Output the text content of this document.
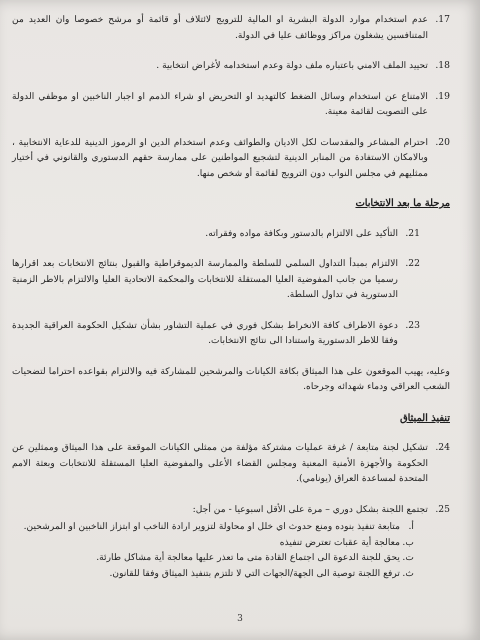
.17
عدم استخدام موارد الدولة البشرية او المالية للترويج لائتلاف أو قائمة أو مرشح خصوصا وان العديد من المتنافسين يشغلون مراكز ووظائف عليا في الدولة.
.18
تحييد الملف الامني باعتباره ملف دولة وعدم استخدامه لأغراض انتخابية .
.19
الامتناع عن استخدام وسائل الضغط كالتهديد او التحريض او شراء الذمم او اجبار الناخبين او موظفي الدولة على التصويت لقائمة معينة.
.20
احترام المشاعر والمقدسات لكل الاديان والطوائف وعدم استخدام الدين او الرموز الدينية للدعاية الانتخابية ، وبالامكان الاستفادة من المنابر الدينية لتشجيع المواطنين على ممارسة حقهم الدستوري والقانوني في أختيار ممثليهم في مجلس النواب دون الترويج لقائمة أو شخص منها.
مرحلة ما بعد الانتخابات
.21
التأكيد على الالتزام بالدستور وبكافة مواده وفقراته.
.22
الالتزام بمبدأ التداول السلمي للسلطة والممارسة الديموقراطية والقبول بنتائج الانتخابات بعد اقرارها رسميا من جانب المفوضية العليا المستقلة للانتخابات والمحكمة الاتحادية العليا والالتزام بالاطر الزمنية الدستورية في تداول السلطة.
.23
دعوة الاطراف كافة الانخراط بشكل فوري في عملية التشاور بشأن تشكيل الحكومة العراقية الجديدة وفقا للاطر الدستورية واستنادا الى نتائج الانتخابات.
وعليه، يهيب الموقعون على هذا الميثاق بكافة الكيانات والمرشحين للمشاركة فيه والالتزام بقواعده احتراما لتضحيات الشعب العراقي ودماء شهدائه وجرحاه.
تنفيذ الميثاق
.24
تشكيل لجنة متابعة / غرفة عمليات مشتركة مؤلفة من ممثلي الكيانات الموقعة على هذا الميثاق وممثلين عن الحكومة والأجهزة الأمنية المعنية ومجلس القضاء الأعلى والمفوضية العليا المستقلة للانتخابات وبعثة الامم المتحدة لمساعدة العراق (يونامي).
.25
تجتمع اللجنة بشكل دوري – مرة على الأقل اسبوعيا - من أجل:
أ.
متابعة تنفيذ بنوده ومنع حدوث اي خلل او محاولة لتزوير ارادة الناخب او ابتزاز الناخبين او المرشحين.
ب.
معالجة أية عقبات تعترض تنفيذه
ت.
يحق للجنة الدعوة الى اجتماع القادة متى ما تعذر عليها معالجة أية مشاكل طارئة.
ث.
ترفع اللجنة توصية الى الجهة/الجهات التي لا تلتزم بتنفيذ الميثاق وفقا للقانون.
3
